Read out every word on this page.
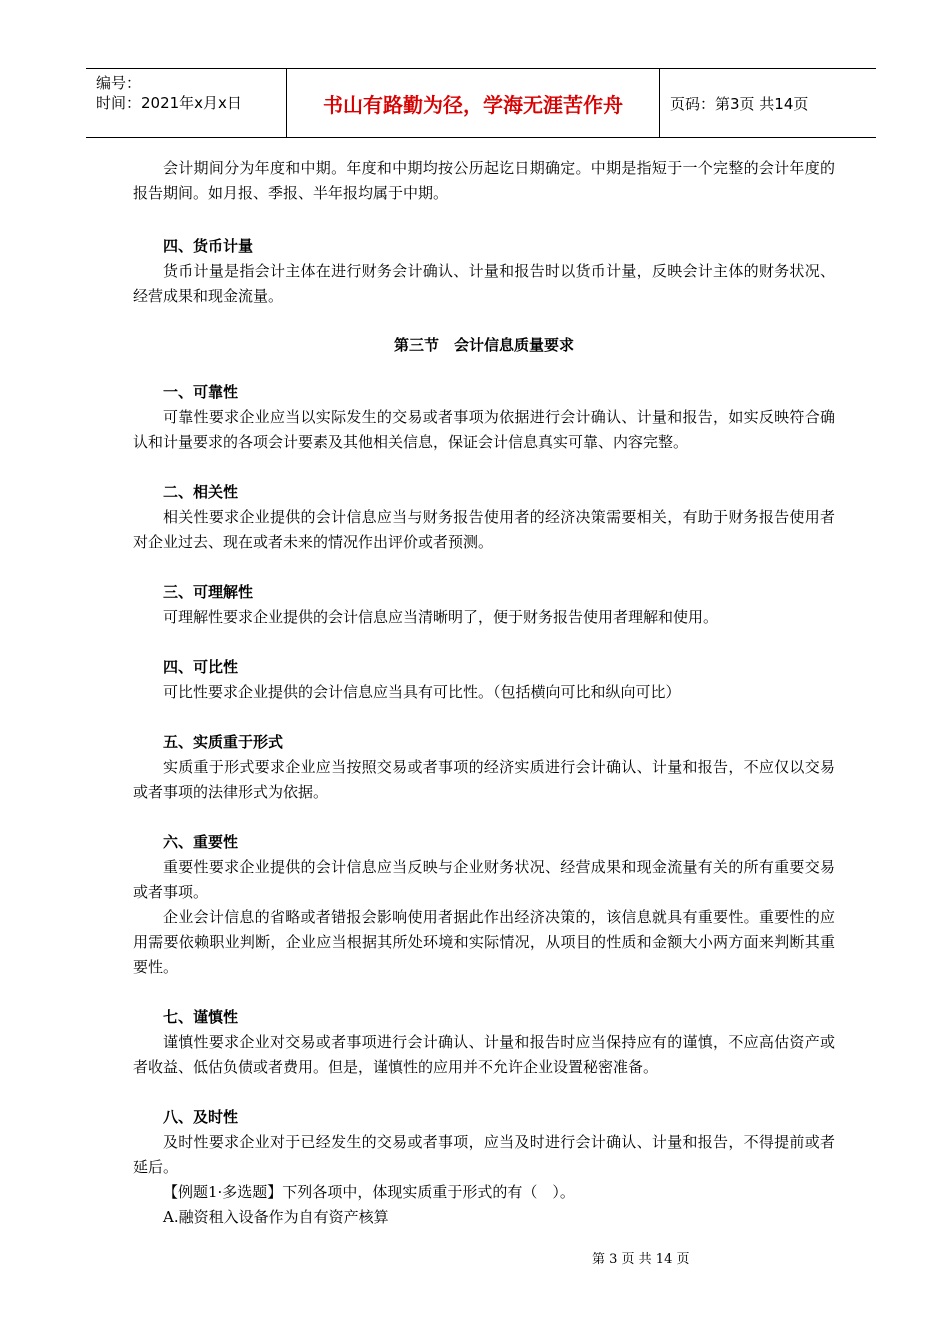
编号：
时间：2021年x月x日	书山有路勤为径，学海无涯苦作舟	页码：第3页 共14页

会计期间分为年度和中期。年度和中期均按公历起讫日期确定。中期是指短于一个完整的会计年度的报告期间。如月报、季报、半年报均属于中期。

四、货币计量

货币计量是指会计主体在进行财务会计确认、计量和报告时以货币计量，反映会计主体的财务状况、经营成果和现金流量。

第三节　会计信息质量要求
一、可靠性

可靠性要求企业应当以实际发生的交易或者事项为依据进行会计确认、计量和报告，如实反映符合确认和计量要求的各项会计要素及其他相关信息，保证会计信息真实可靠、内容完整。

二、相关性

相关性要求企业提供的会计信息应当与财务报告使用者的经济决策需要相关，有助于财务报告使用者对企业过去、现在或者未来的情况作出评价或者预测。

三、可理解性

可理解性要求企业提供的会计信息应当清晰明了，便于财务报告使用者理解和使用。

四、可比性

可比性要求企业提供的会计信息应当具有可比性。（包括横向可比和纵向可比）

五、实质重于形式

实质重于形式要求企业应当按照交易或者事项的经济实质进行会计确认、计量和报告，不应仅以交易或者事项的法律形式为依据。

六、重要性

重要性要求企业提供的会计信息应当反映与企业财务状况、经营成果和现金流量有关的所有重要交易或者事项。

企业会计信息的省略或者错报会影响使用者据此作出经济决策的，该信息就具有重要性。重要性的应用需要依赖职业判断，企业应当根据其所处环境和实际情况，从项目的性质和金额大小两方面来判断其重要性。

七、谨慎性

谨慎性要求企业对交易或者事项进行会计确认、计量和报告时应当保持应有的谨慎，不应高估资产或者收益、低估负债或者费用。但是，谨慎性的应用并不允许企业设置秘密准备。

八、及时性

及时性要求企业对于已经发生的交易或者事项，应当及时进行会计确认、计量和报告，不得提前或者延后。

【例题1·多选题】下列各项中，体现实质重于形式的有（　）。

A.融资租入设备作为自有资产核算

第 3 页 共 14 页
